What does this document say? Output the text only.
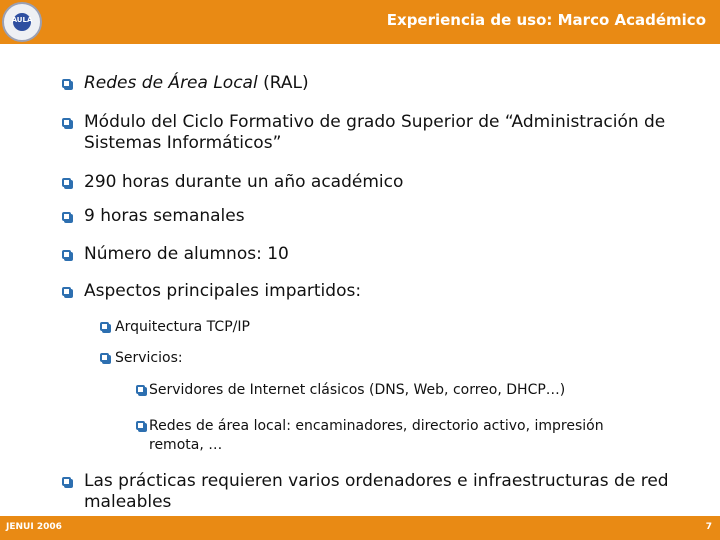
AULA	Experiencia de uso: Marco Académico
Redes de Área Local (RAL)
Módulo del Ciclo Formativo de grado Superior de “Administración de
Sistemas Informáticos”
290 horas durante un año académico
9 horas semanales
Número de alumnos: 10
Aspectos principales impartidos:
Arquitectura TCP/IP
Servicios:
Servidores de Internet clásicos (DNS, Web, correo, DHCP…)
Redes de área local: encaminadores, directorio activo, impresión
remota, …
Las prácticas requieren varios ordenadores e infraestructuras de red
maleables
JENUI 2006	7
